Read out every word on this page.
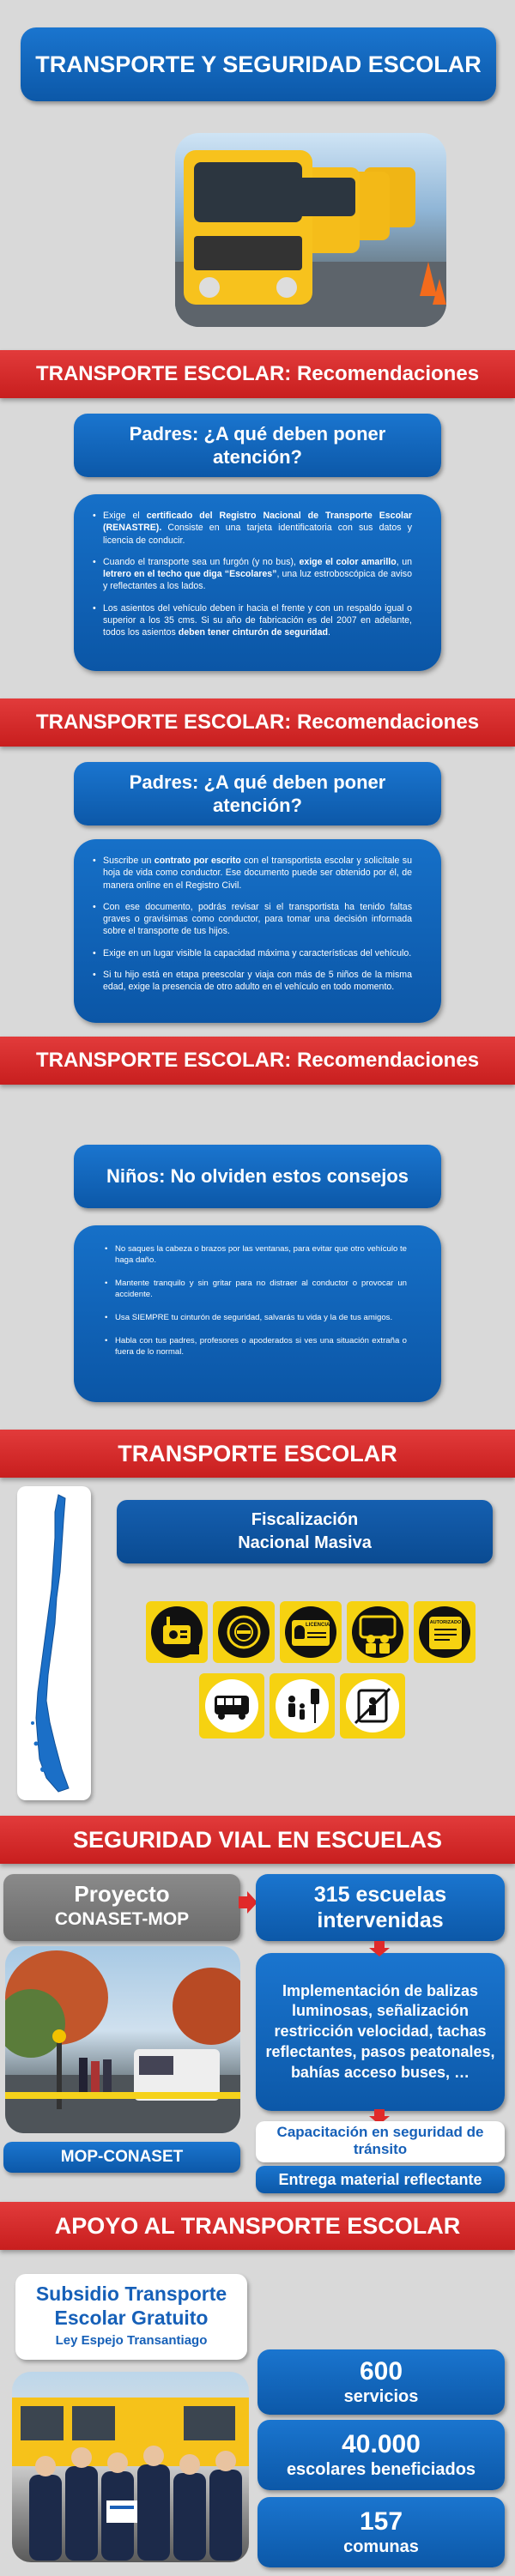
TRANSPORTE Y SEGURIDAD ESCOLAR
TRANSPORTE ESCOLAR: Recomendaciones
Padres: ¿A qué deben poner atención?
• Exige el certificado del Registro Nacional de Transporte Escolar (RENASTRE). Consiste en una tarjeta identificatoria con sus datos y licencia de conducir.
• Cuando el transporte sea un furgón (y no bus), exige el color amarillo, un letrero en el techo que diga “Escolares”, una luz estroboscópica de aviso y reflectantes a los lados.
• Los asientos del vehículo deben ir hacia el frente y con un respaldo igual o superior a los 35 cms. Si su año de fabricación es del 2007 en adelante, todos los asientos deben tener cinturón de seguridad.
TRANSPORTE ESCOLAR: Recomendaciones
Padres: ¿A qué deben poner atención?
• Suscribe un contrato por escrito con el transportista escolar y solicítale su hoja de vida como conductor. Ese documento puede ser obtenido por él, de manera online en el Registro Civil.
• Con ese documento, podrás revisar si el transportista ha tenido faltas graves o gravísimas como conductor, para tomar una decisión informada sobre el transporte de tus hijos.
• Exige en un lugar visible la capacidad máxima y características del vehículo.
• Si tu hijo está en etapa preescolar y viaja con más de 5 niños de la misma edad, exige la presencia de otro adulto en el vehículo en todo momento.
TRANSPORTE ESCOLAR: Recomendaciones
Niños: No olviden estos consejos
• No saques la cabeza o brazos por las ventanas, para evitar que otro vehículo te haga daño.
• Mantente tranquilo y sin gritar para no distraer al conductor o provocar un accidente.
• Usa SIEMPRE tu cinturón de seguridad, salvarás tu vida y la de tus amigos.
• Habla con tus padres, profesores o apoderados si ves una situación extraña o fuera de lo normal.
TRANSPORTE ESCOLAR
Fiscalización
Nacional Masiva
LICENCIA	AUTORIZADO
SEGURIDAD VIAL EN ESCUELAS
Proyecto
CONASET-MOP
315 escuelas
intervenidas
Implementación de balizas luminosas, señalización restricción velocidad, tachas reflectantes, pasos peatonales, bahías acceso buses, …
Capacitación en seguridad de tránsito
MOP-CONASET
Entrega material reflectante
APOYO AL TRANSPORTE ESCOLAR
Subsidio Transporte
Escolar Gratuito
Ley Espejo Transantiago
600
servicios
40.000
escolares beneficiados
157
comunas
